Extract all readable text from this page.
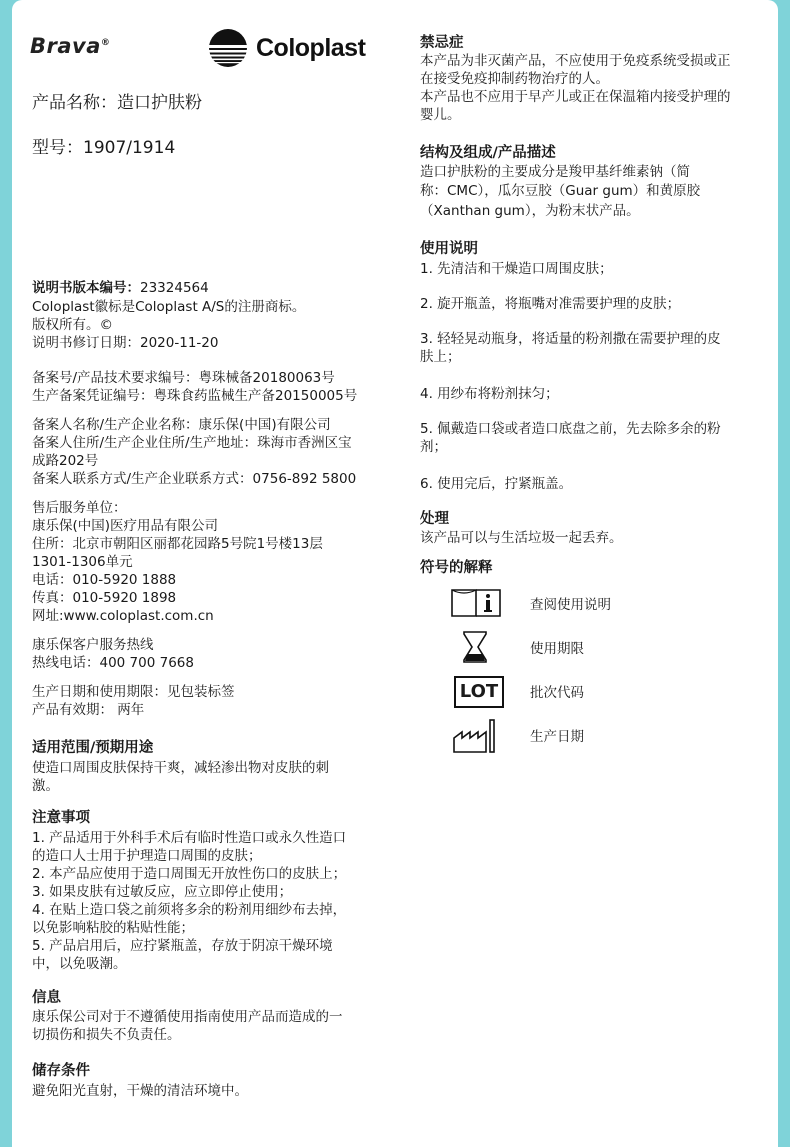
Brava®	Coloplast
产品名称：造口护肤粉
型号：1907/1914
说明书版本编号：23324564
Coloplast徽标是Coloplast A/S的注册商标。
版权所有。©
说明书修订日期：2020-11-20
备案号/产品技术要求编号：粤珠械备20180063号
生产备案凭证编号：粤珠食药监械生产备20150005号
备案人名称/生产企业名称：康乐保(中国)有限公司
备案人住所/生产企业住所/生产地址：珠海市香洲区宝
成路202号
备案人联系方式/生产企业联系方式：0756-892 5800
售后服务单位：
康乐保(中国)医疗用品有限公司
住所：北京市朝阳区丽都花园路5号院1号楼13层
1301-1306单元
电话：010-5920 1888
传真：010-5920 1898
网址:www.coloplast.com.cn
康乐保客户服务热线
热线电话：400 700 7668
生产日期和使用期限：见包装标签
产品有效期： 两年
适用范围/预期用途
使造口周围皮肤保持干爽，减轻渗出物对皮肤的刺
激。
注意事项
1. 产品适用于外科手术后有临时性造口或永久性造口
的造口人士用于护理造口周围的皮肤；
2. 本产品应使用于造口周围无开放性伤口的皮肤上；
3. 如果皮肤有过敏反应，应立即停止使用；
4. 在贴上造口袋之前须将多余的粉剂用细纱布去掉，
以免影响粘胶的粘贴性能；
5. 产品启用后，应拧紧瓶盖，存放于阴凉干燥环境
中，以免吸潮。
信息
康乐保公司对于不遵循使用指南使用产品而造成的一
切损伤和损失不负责任。
储存条件
避免阳光直射，干燥的清洁环境中。
禁忌症
本产品为非灭菌产品，不应使用于免疫系统受损或正
在接受免疫抑制药物治疗的人。
本产品也不应用于早产儿或正在保温箱内接受护理的
婴儿。
结构及组成/产品描述
造口护肤粉的主要成分是羧甲基纤维素钠（简
称：CMC），瓜尔豆胶（Guar gum）和黄原胶
（Xanthan gum），为粉末状产品。
使用说明
1. 先清洁和干燥造口周围皮肤；
2. 旋开瓶盖，将瓶嘴对准需要护理的皮肤；
3. 轻轻晃动瓶身，将适量的粉剂撒在需要护理的皮
肤上；
4. 用纱布将粉剂抹匀；
5. 佩戴造口袋或者造口底盘之前，先去除多余的粉
剂；
6. 使用完后，拧紧瓶盖。
处理
该产品可以与生活垃圾一起丢弃。
符号的解释
查阅使用说明
使用期限
LOT	批次代码
生产日期
